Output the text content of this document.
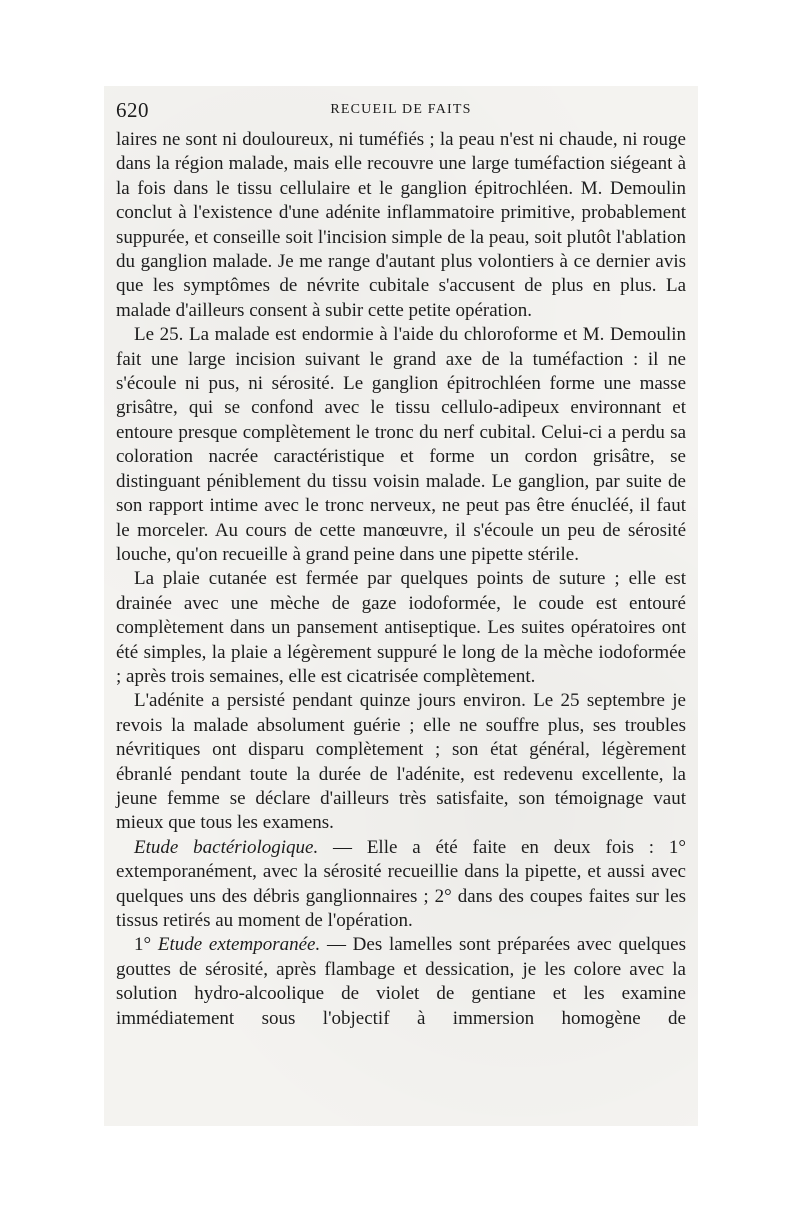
620	RECUEIL DE FAITS

laires ne sont ni douloureux, ni tuméfiés ; la peau n'est ni chaude, ni rouge dans la région malade, mais elle recouvre une large tuméfaction siégeant à la fois dans le tissu cellulaire et le ganglion épitrochléen. M. Demoulin conclut à l'existence d'une adénite inflammatoire primitive, probablement suppurée, et conseille soit l'incision simple de la peau, soit plutôt l'ablation du ganglion malade. Je me range d'autant plus volontiers à ce dernier avis que les symptômes de névrite cubitale s'accusent de plus en plus. La malade d'ailleurs consent à subir cette petite opération.

Le 25. La malade est endormie à l'aide du chloroforme et M. Demoulin fait une large incision suivant le grand axe de la tuméfaction : il ne s'écoule ni pus, ni sérosité. Le ganglion épitrochléen forme une masse grisâtre, qui se confond avec le tissu cellulo-adipeux environnant et entoure presque complètement le tronc du nerf cubital. Celui-ci a perdu sa coloration nacrée caractéristique et forme un cordon grisâtre, se distinguant péniblement du tissu voisin malade. Le ganglion, par suite de son rapport intime avec le tronc nerveux, ne peut pas être énucléé, il faut le morceler. Au cours de cette manœuvre, il s'écoule un peu de sérosité louche, qu'on recueille à grand peine dans une pipette stérile.

La plaie cutanée est fermée par quelques points de suture ; elle est drainée avec une mèche de gaze iodoformée, le coude est entouré complètement dans un pansement antiseptique. Les suites opératoires ont été simples, la plaie a légèrement suppuré le long de la mèche iodoformée ; après trois semaines, elle est cicatrisée complètement.

L'adénite a persisté pendant quinze jours environ. Le 25 septembre je revois la malade absolument guérie ; elle ne souffre plus, ses troubles névritiques ont disparu complètement ; son état général, légèrement ébranlé pendant toute la durée de l'adénite, est redevenu excellente, la jeune femme se déclare d'ailleurs très satisfaite, son témoignage vaut mieux que tous les examens.

Etude bactériologique. — Elle a été faite en deux fois : 1° extemporanément, avec la sérosité recueillie dans la pipette, et aussi avec quelques uns des débris ganglionnaires ; 2° dans des coupes faites sur les tissus retirés au moment de l'opération.

1° Etude extemporanée. — Des lamelles sont préparées avec quelques gouttes de sérosité, après flambage et dessication, je les colore avec la solution hydro-alcoolique de violet de gentiane et les examine immédiatement sous l'objectif à immersion homogène de
